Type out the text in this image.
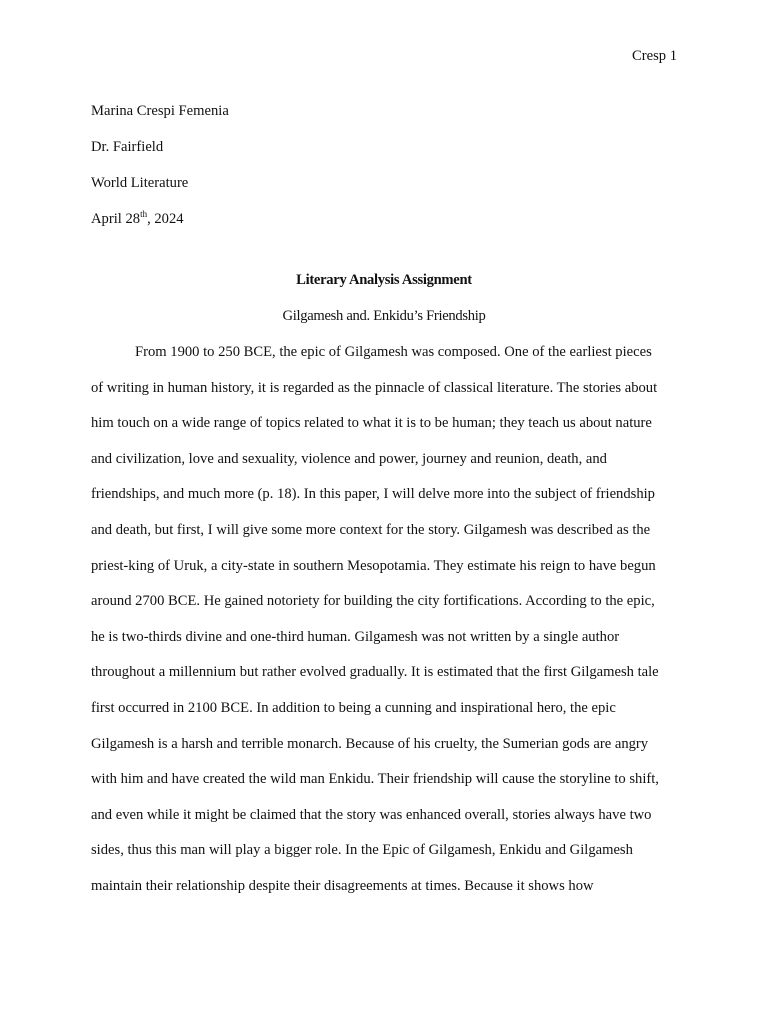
Cresp 1
Marina Crespi Femenia
Dr. Fairfield
World Literature
April 28th, 2024
Literary Analysis Assignment
Gilgamesh and. Enkidu’s Friendship
From 1900 to 250 BCE, the epic of Gilgamesh was composed. One of the earliest pieces
of writing in human history, it is regarded as the pinnacle of classical literature. The stories about
him touch on a wide range of topics related to what it is to be human; they teach us about nature
and civilization, love and sexuality, violence and power, journey and reunion, death, and
friendships, and much more (p. 18). In this paper, I will delve more into the subject of friendship
and death, but first, I will give some more context for the story. Gilgamesh was described as the
priest-king of Uruk, a city-state in southern Mesopotamia. They estimate his reign to have begun
around 2700 BCE. He gained notoriety for building the city fortifications. According to the epic,
he is two-thirds divine and one-third human. Gilgamesh was not written by a single author
throughout a millennium but rather evolved gradually. It is estimated that the first Gilgamesh tale
first occurred in 2100 BCE. In addition to being a cunning and inspirational hero, the epic
Gilgamesh is a harsh and terrible monarch. Because of his cruelty, the Sumerian gods are angry
with him and have created the wild man Enkidu. Their friendship will cause the storyline to shift,
and even while it might be claimed that the story was enhanced overall, stories always have two
sides, thus this man will play a bigger role. In the Epic of Gilgamesh, Enkidu and Gilgamesh
maintain their relationship despite their disagreements at times. Because it shows how
